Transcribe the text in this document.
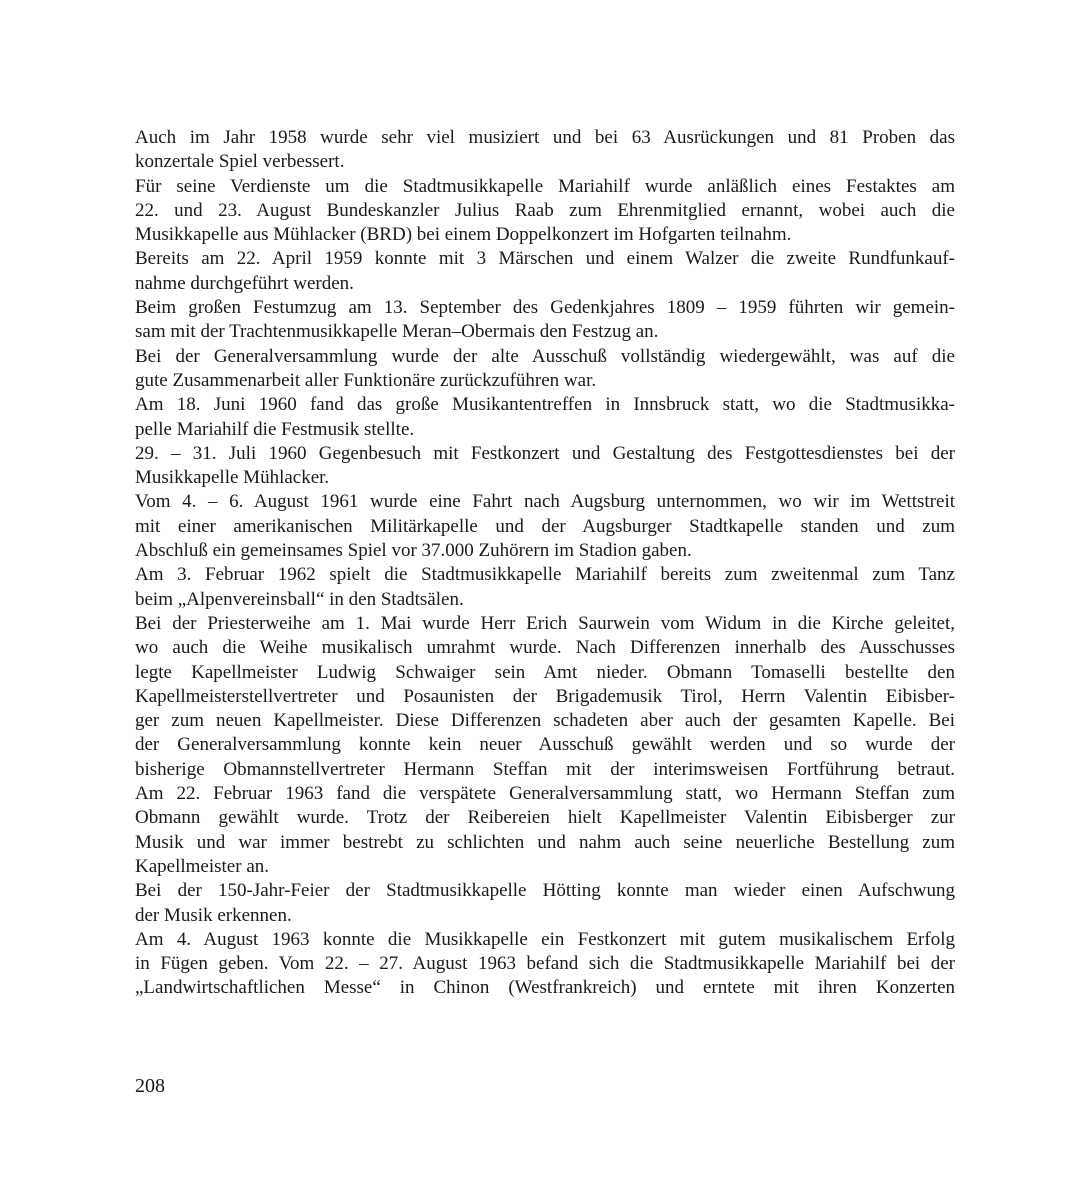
Auch im Jahr 1958 wurde sehr viel musiziert und bei 63 Ausrückungen und 81 Proben das
konzertale Spiel verbessert.
Für seine Verdienste um die Stadtmusikkapelle Mariahilf wurde anläßlich eines Festaktes am
22. und 23. August Bundeskanzler Julius Raab zum Ehrenmitglied ernannt, wobei auch die
Musikkapelle aus Mühlacker (BRD) bei einem Doppelkonzert im Hofgarten teilnahm.
Bereits am 22. April 1959 konnte mit 3 Märschen und einem Walzer die zweite Rundfunkauf-
nahme durchgeführt werden.
Beim großen Festumzug am 13. September des Gedenkjahres 1809 – 1959 führten wir gemein-
sam mit der Trachtenmusikkapelle Meran–Obermais den Festzug an.
Bei der Generalversammlung wurde der alte Ausschuß vollständig wiedergewählt, was auf die
gute Zusammenarbeit aller Funktionäre zurückzuführen war.
Am 18. Juni 1960 fand das große Musikantentreffen in Innsbruck statt, wo die Stadtmusikka-
pelle Mariahilf die Festmusik stellte.
29. – 31. Juli 1960 Gegenbesuch mit Festkonzert und Gestaltung des Festgottesdienstes bei der
Musikkapelle Mühlacker.
Vom 4. – 6. August 1961 wurde eine Fahrt nach Augsburg unternommen, wo wir im Wettstreit
mit einer amerikanischen Militärkapelle und der Augsburger Stadtkapelle standen und zum
Abschluß ein gemeinsames Spiel vor 37.000 Zuhörern im Stadion gaben.
Am 3. Februar 1962 spielt die Stadtmusikkapelle Mariahilf bereits zum zweitenmal zum Tanz
beim „Alpenvereinsball“ in den Stadtsälen.
Bei der Priesterweihe am 1. Mai wurde Herr Erich Saurwein vom Widum in die Kirche geleitet,
wo auch die Weihe musikalisch umrahmt wurde. Nach Differenzen innerhalb des Ausschusses
legte Kapellmeister Ludwig Schwaiger sein Amt nieder. Obmann Tomaselli bestellte den
Kapellmeisterstellvertreter und Posaunisten der Brigademusik Tirol, Herrn Valentin Eibisber-
ger zum neuen Kapellmeister. Diese Differenzen schadeten aber auch der gesamten Kapelle. Bei
der Generalversammlung konnte kein neuer Ausschuß gewählt werden und so wurde der
bisherige Obmannstellvertreter Hermann Steffan mit der interimsweisen Fortführung betraut.
Am 22. Februar 1963 fand die verspätete Generalversammlung statt, wo Hermann Steffan zum
Obmann gewählt wurde. Trotz der Reibereien hielt Kapellmeister Valentin Eibisberger zur
Musik und war immer bestrebt zu schlichten und nahm auch seine neuerliche Bestellung zum
Kapellmeister an.
Bei der 150-Jahr-Feier der Stadtmusikkapelle Hötting konnte man wieder einen Aufschwung
der Musik erkennen.
Am 4. August 1963 konnte die Musikkapelle ein Festkonzert mit gutem musikalischem Erfolg
in Fügen geben. Vom 22. – 27. August 1963 befand sich die Stadtmusikkapelle Mariahilf bei der
„Landwirtschaftlichen Messe“ in Chinon (Westfrankreich) und erntete mit ihren Konzerten
208
